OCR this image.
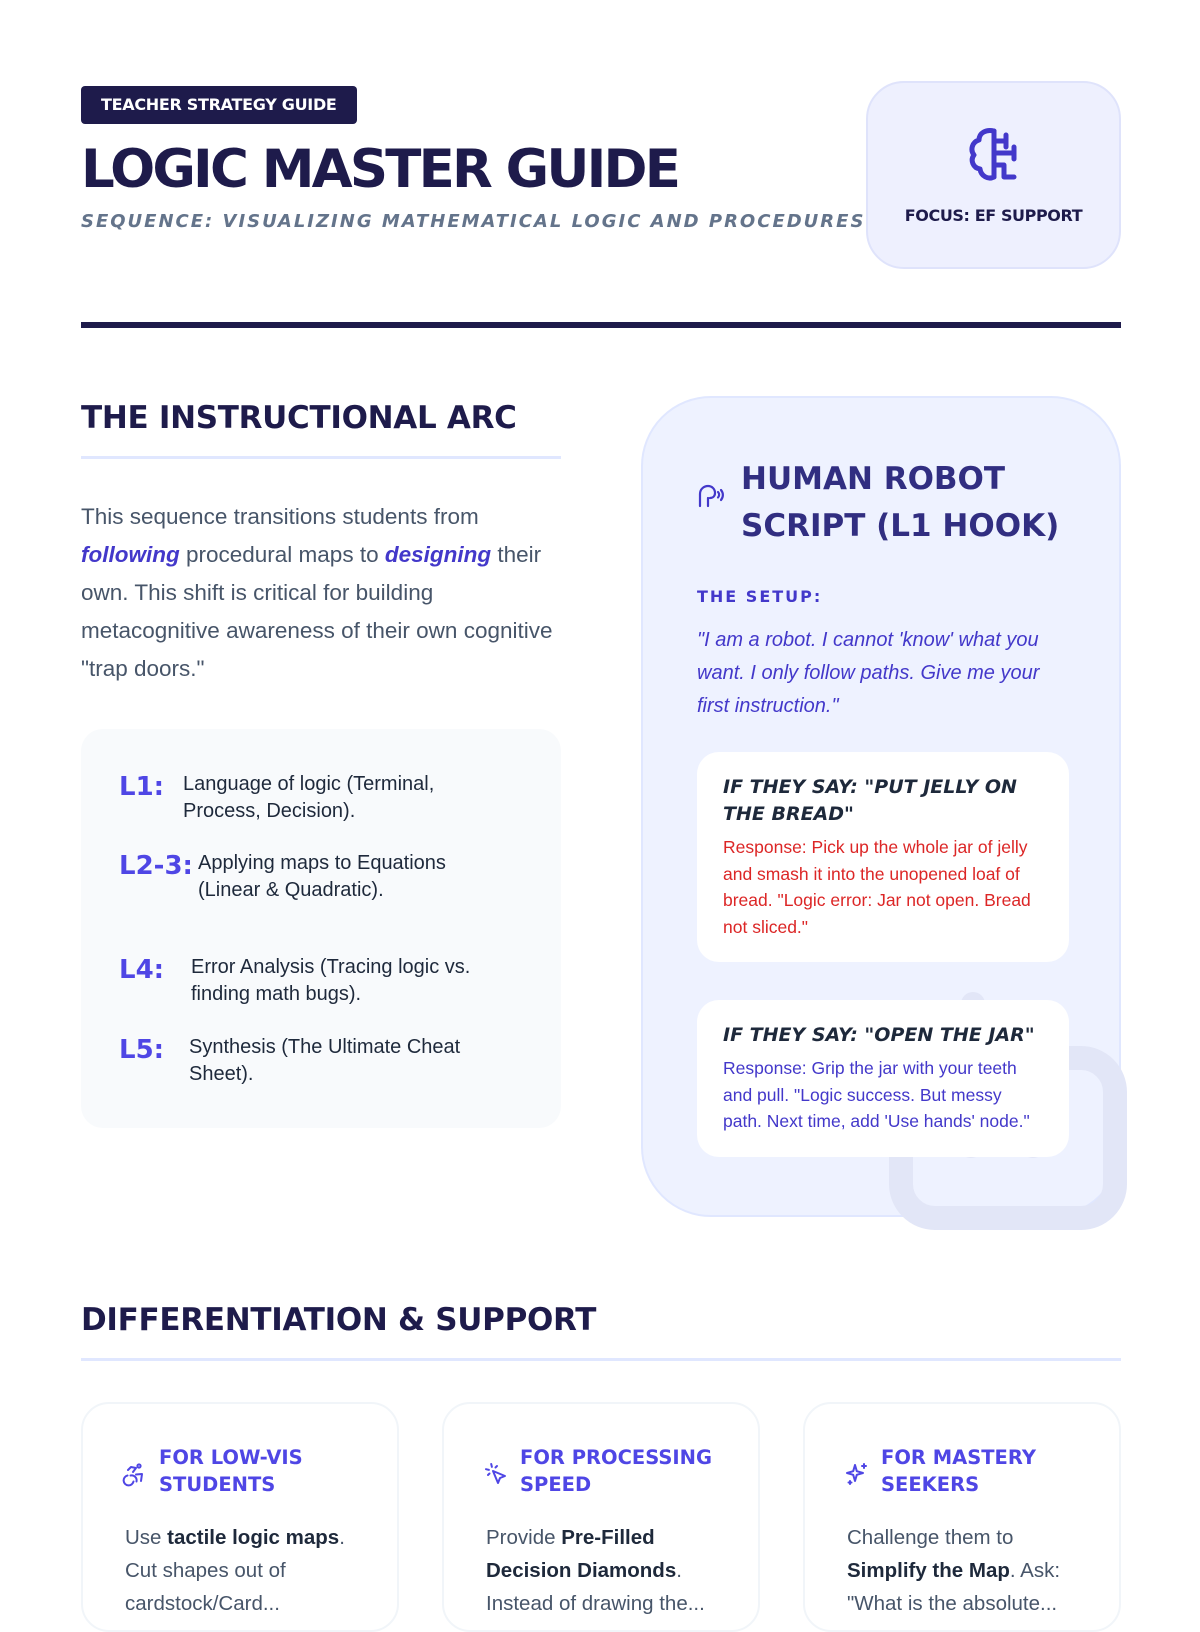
TEACHER STRATEGY GUIDE
LOGIC MASTER GUIDE
SEQUENCE: VISUALIZING MATHEMATICAL LOGIC AND PROCEDURES	FOCUS: EF SUPPORT
THE INSTRUCTIONAL ARC

This sequence transitions students from following procedural maps to designing their own. This shift is critical for building metacognitive awareness of their own cognitive "trap doors."

L1: Language of logic (Terminal, Process, Decision).
L2-3: Applying maps to Equations (Linear & Quadratic).
L4:	Error Analysis (Tracing logic vs. finding math bugs).
L5:	Synthesis (The Ultimate Cheat Sheet).
HUMAN ROBOT SCRIPT (L1 HOOK)
THE SETUP:

"I am a robot. I cannot 'know' what you want. I only follow paths. Give me your first instruction."

IF THEY SAY: "PUT JELLY ON THE BREAD"
Response: Pick up the whole jar of jelly and smash it into the unopened loaf of bread. "Logic error: Jar not open. Bread not sliced."
IF THEY SAY: "OPEN THE JAR"
Response: Grip the jar with your teeth and pull. "Logic success. But messy path. Next time, add 'Use hands' node."
DIFFERENTIATION & SUPPORT
FOR LOW-VIS STUDENTS

Use tactile logic maps. Cut shapes out of cardstock/Card...

FOR PROCESSING SPEED

Provide Pre-Filled Decision Diamonds. Instead of drawing the...

FOR MASTERY SEEKERS

Challenge them to Simplify the Map. Ask: "What is the absolute...
